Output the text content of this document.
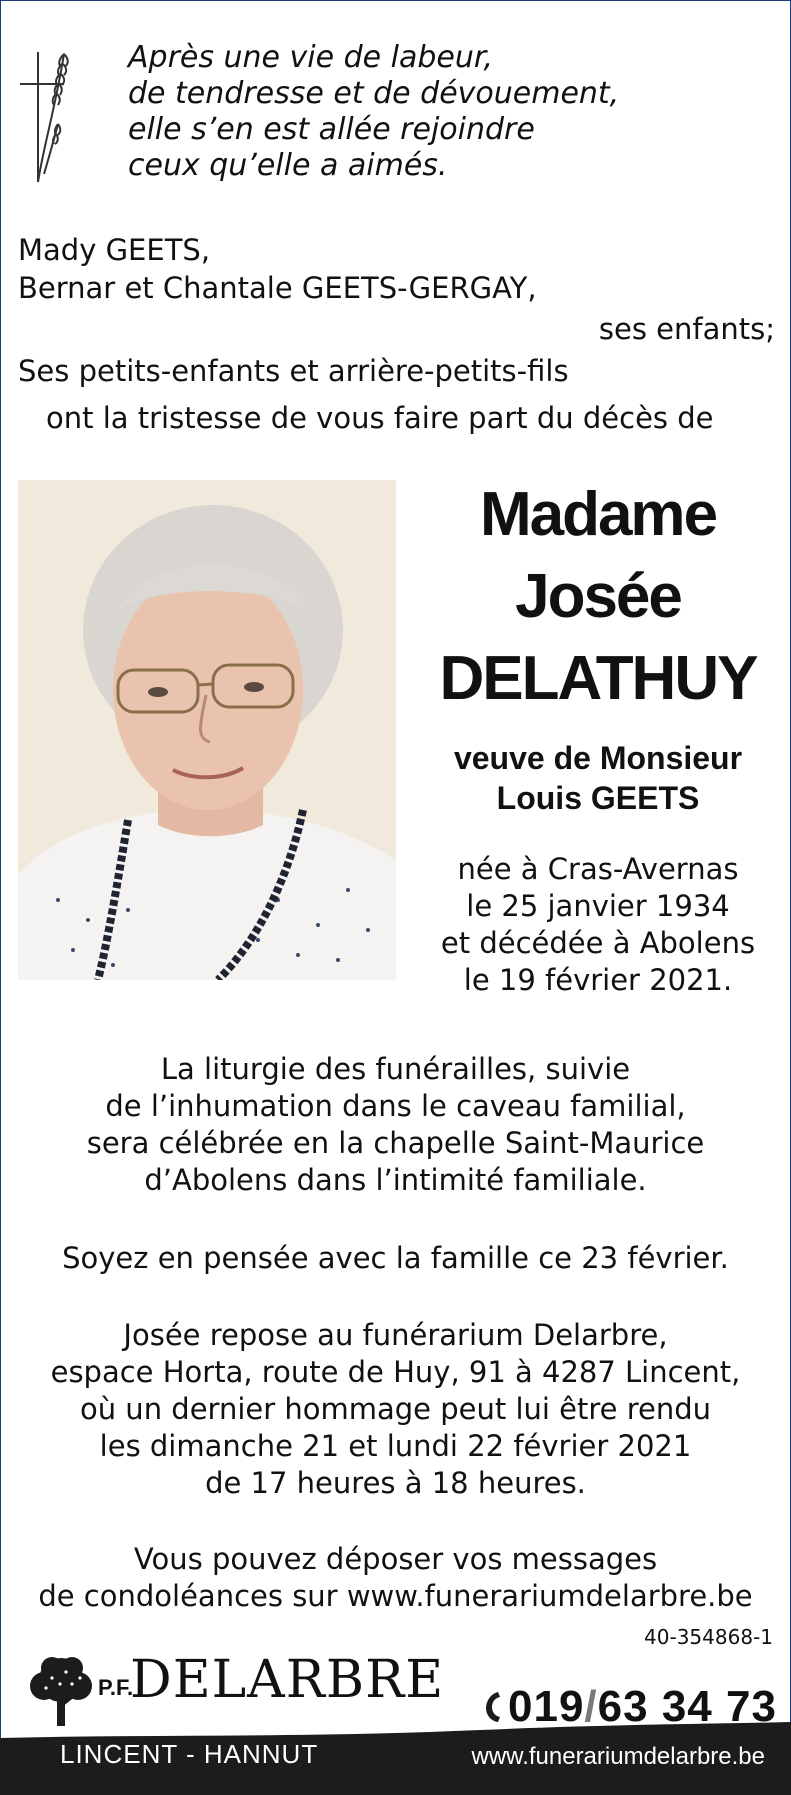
Après une vie de labeur,
de tendresse et de dévouement,
elle s’en est allée rejoindre
ceux qu’elle a aimés.
Mady GEETS,
Bernar et Chantale GEETS-GERGAY,
ses enfants;
Ses petits-enfants et arrière-petits-fils
ont la tristesse de vous faire part du décès de
Madame
Josée
DELATHUY
veuve de Monsieur
Louis GEETS
née à Cras-Avernas
le 25 janvier 1934
et décédée à Abolens
le 19 février 2021.
La liturgie des funérailles, suivie
de l’inhumation dans le caveau familial,
sera célébrée en la chapelle Saint-Maurice
d’Abolens dans l’intimité familiale.
Soyez en pensée avec la famille ce 23 février.
Josée repose au funérarium Delarbre,
espace Horta, route de Huy, 91 à 4287 Lincent,
où un dernier hommage peut lui être rendu
les dimanche 21 et lundi 22 février 2021
de 17 heures à 18 heures.
Vous pouvez déposer vos messages
de condoléances sur www.funerariumdelarbre.be
40-354868-1
P.F.
DELARBRE 019/63 34 73
LINCENT - HANNUT	www.funerariumdelarbre.be
